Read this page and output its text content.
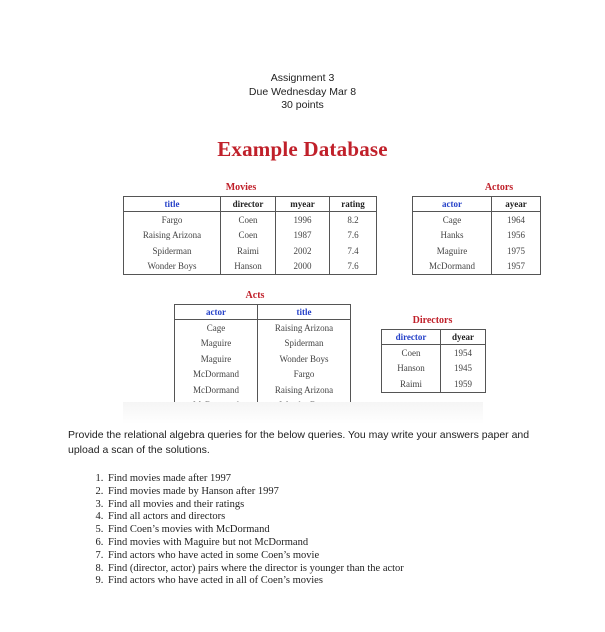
Assignment 3
Due Wednesday Mar 8
30 points
Example Database
Movies
title	director	myear	rating
Fargo	Coen	1996	8.2
Raising Arizona	Coen	1987	7.6
Spiderman	Raimi	2002	7.4
Wonder Boys	Hanson	2000	7.6
Actors
actor	ayear
Cage	1964
Hanks	1956
Maguire	1975
McDormand	1957
Acts
actor	title
Cage	Raising Arizona
Maguire	Spiderman
Maguire	Wonder Boys
McDormand	Fargo
McDormand	Raising Arizona

Directors
director	dyear
Coen	1954
Hanson	1945
Raimi	1959
Provide the relational algebra queries for the below queries. You may write your answers paper and upload a scan of the solutions.
1. Find movies made after 1997
2. Find movies made by Hanson after 1997
3. Find all movies and their ratings
4. Find all actors and directors
5. Find Coen’s movies with McDormand
6. Find movies with Maguire but not McDormand
7. Find actors who have acted in some Coen’s movie
8. Find (director, actor) pairs where the director is younger than the actor
9. Find actors who have acted in all of Coen’s movies
